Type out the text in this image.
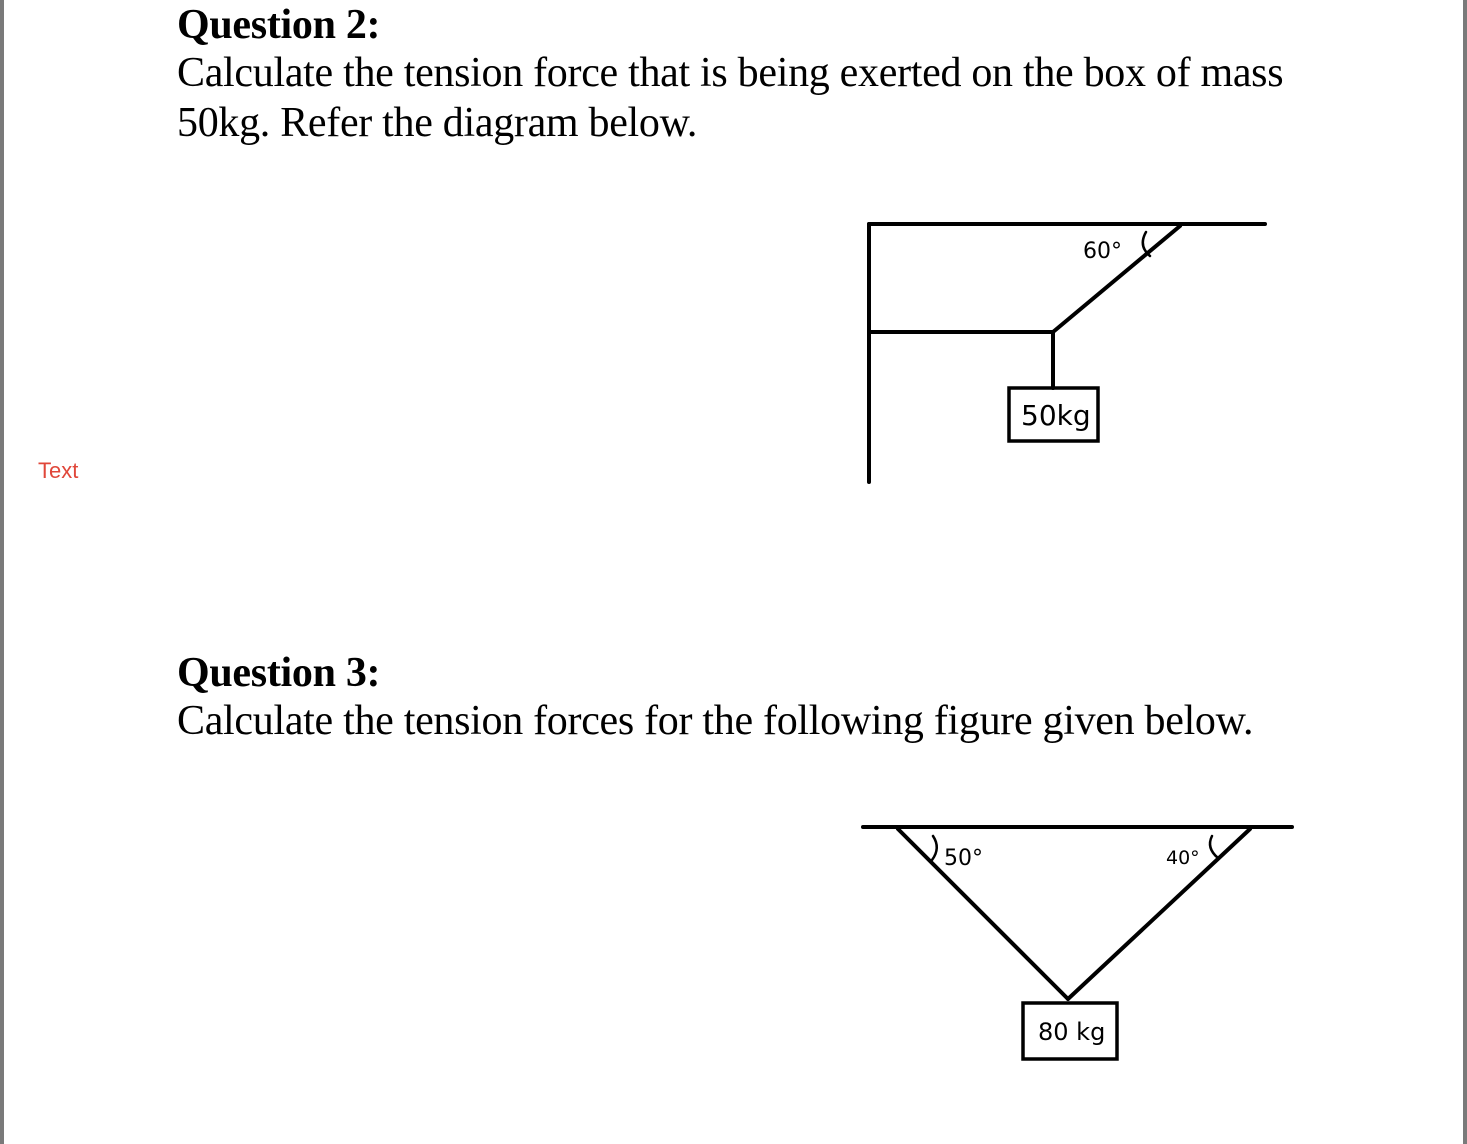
Text
Question 2:
Calculate the tension force that is being exerted on the box of mass 50kg. Refer the diagram below.
Question 3:
Calculate the tension forces for the following figure given below.
60°
50kg
50°	40°
80 kg
